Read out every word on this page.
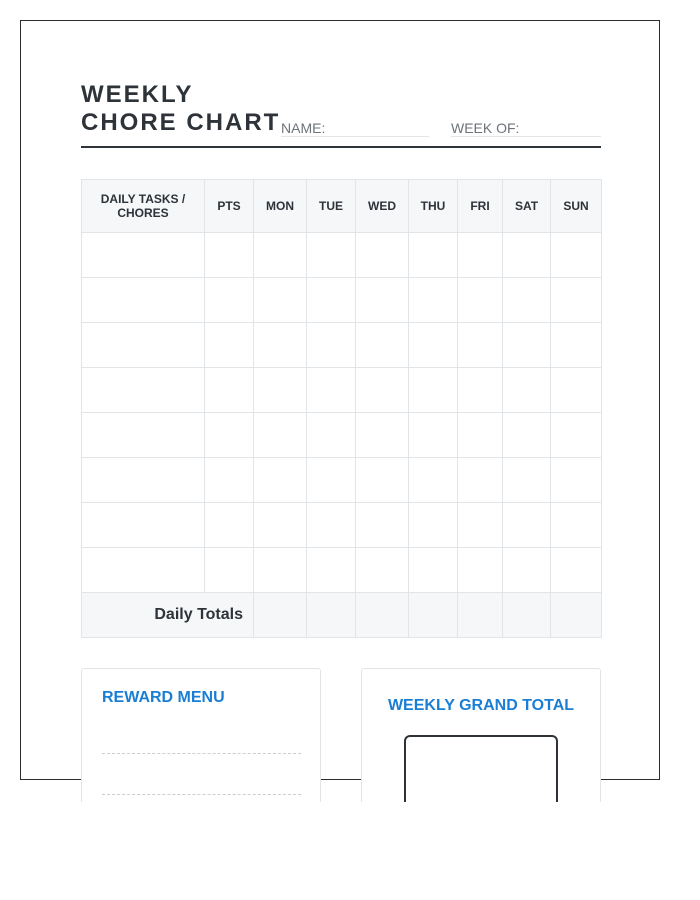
WEEKLY
CHORE CHART NAME:	WEEK OF:
DAILY TASKS / CHORES	PTS	MON	TUE	WED	THU	FRI	SAT	SUN

Daily Totals								
REWARD MENU	WEEKLY GRAND TOTAL
